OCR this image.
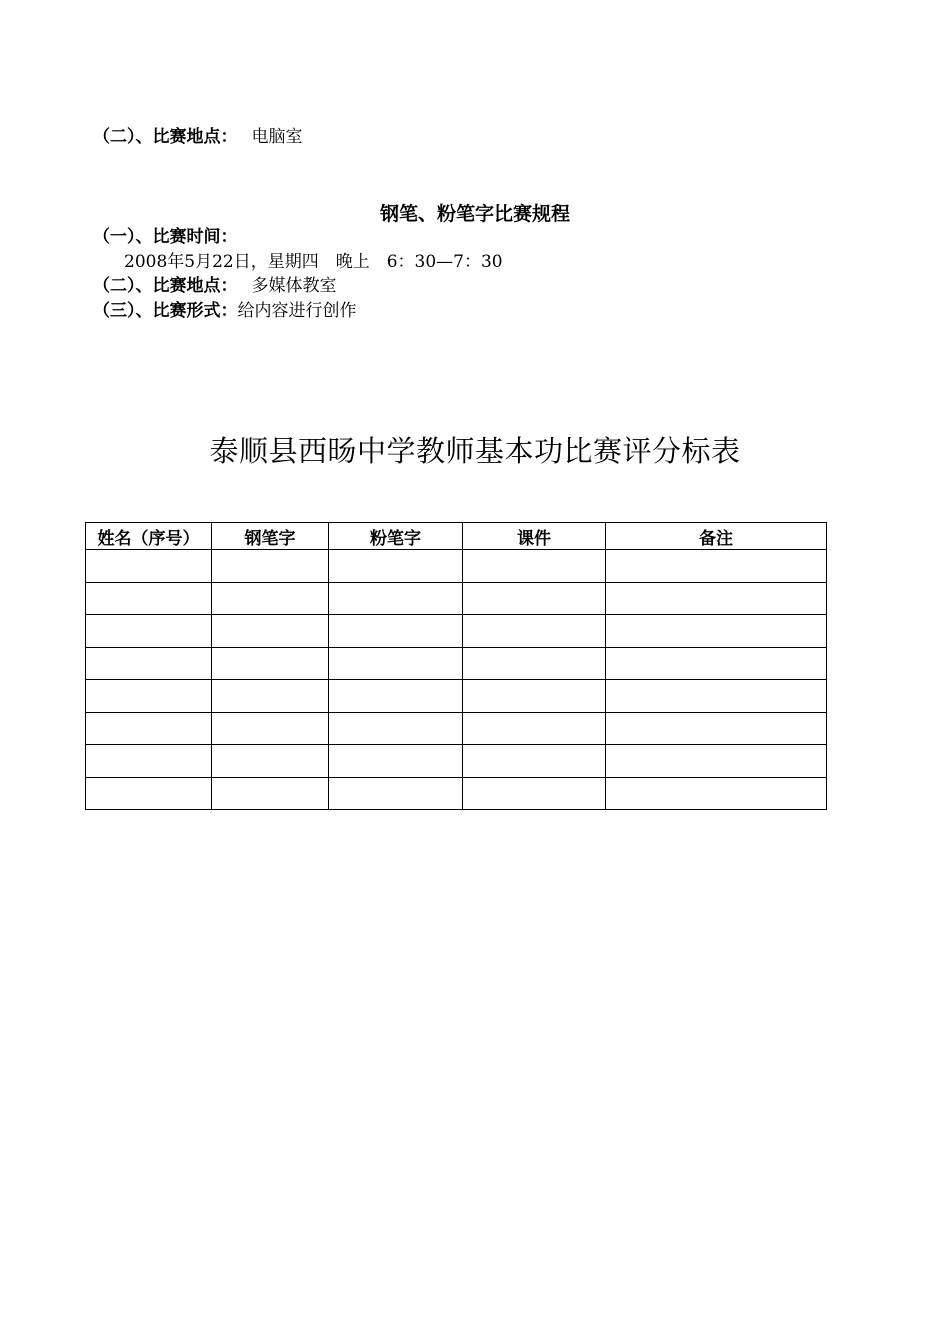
（二）、比赛地点： 电脑室
钢笔、粉笔字比赛规程
（一）、比赛时间：
2008年5月22日，星期四　晚上　6：30—7：30
（二）、比赛地点： 多媒体教室
（三）、比赛形式：给内容进行创作
泰顺县西旸中学教师基本功比赛评分标表
姓名（序号）	钢笔字	粉笔字	课件	备注
